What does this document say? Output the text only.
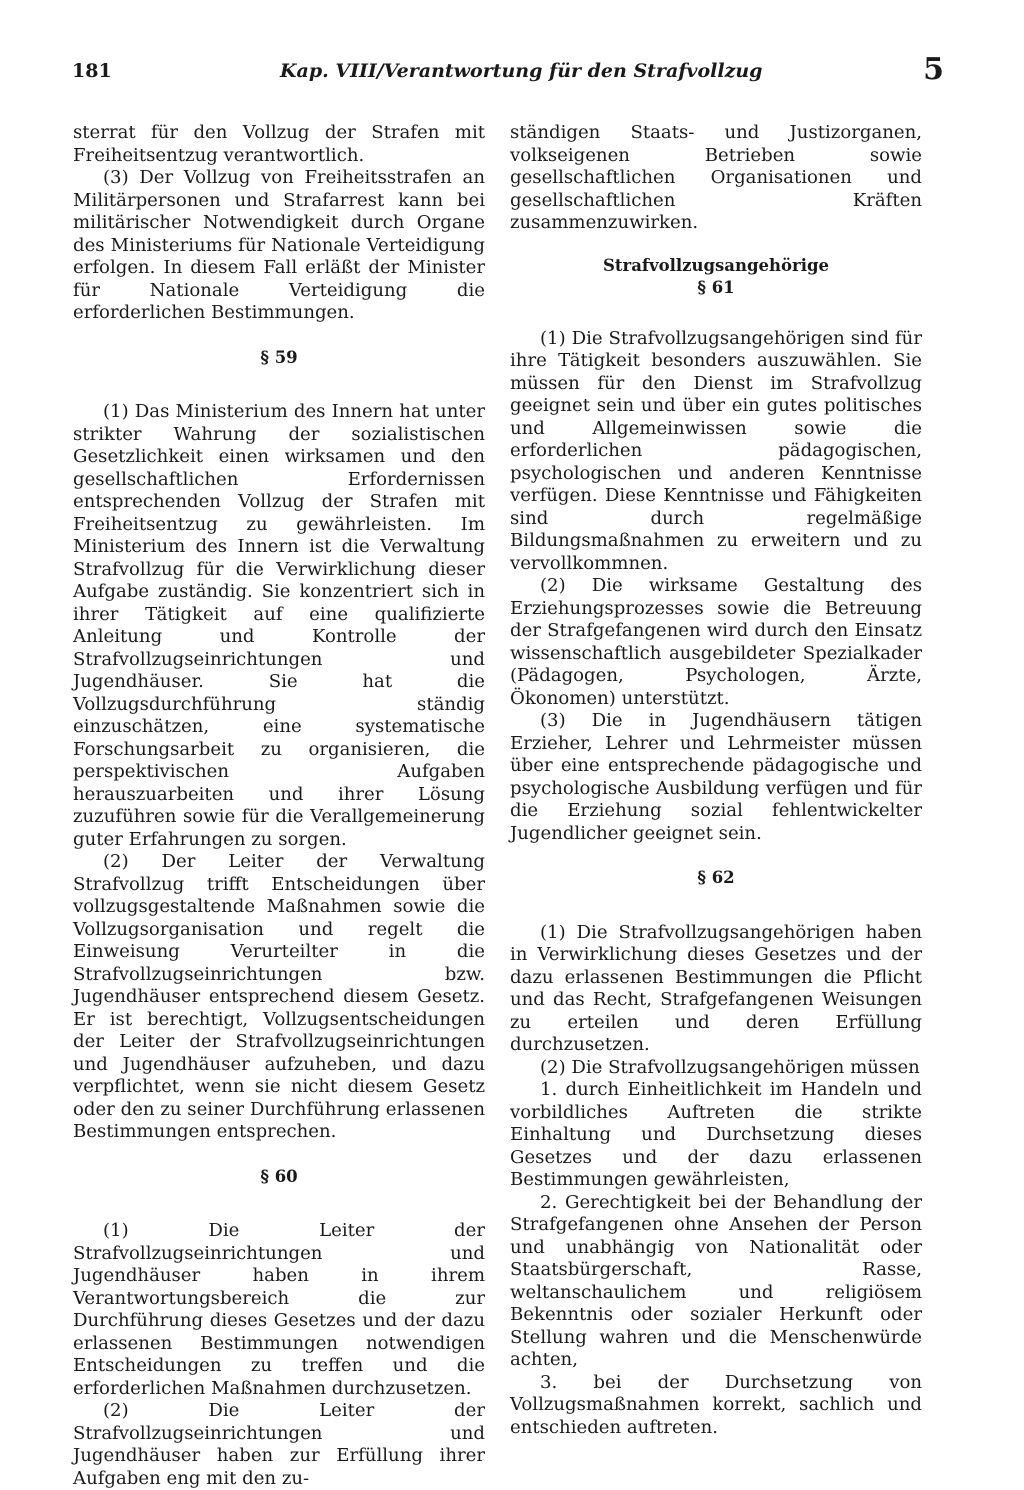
181	Kap. VIII/Verantwortung für den Strafvollzug	5

sterrat für den Vollzug der Strafen mit Freiheitsentzug verantwortlich.

(3) Der Vollzug von Freiheitsstrafen an Militärpersonen und Strafarrest kann bei militärischer Notwendigkeit durch Organe des Ministeriums für Nationale Verteidigung erfolgen. In diesem Fall erläßt der Minister für Nationale Verteidigung die erforderlichen Bestimmungen.

§ 59

(1) Das Ministerium des Innern hat unter strikter Wahrung der sozialistischen Gesetzlichkeit einen wirksamen und den gesellschaftlichen Erfordernissen entsprechenden Vollzug der Strafen mit Freiheitsentzug zu gewährleisten. Im Ministerium des Innern ist die Verwaltung Strafvollzug für die Verwirklichung dieser Aufgabe zuständig. Sie konzentriert sich in ihrer Tätigkeit auf eine qualifizierte Anleitung und Kontrolle der Strafvollzugseinrichtungen und Jugendhäuser. Sie hat die Vollzugsdurchführung ständig einzuschätzen, eine systematische Forschungsarbeit zu organisieren, die perspektivischen Aufgaben herauszuarbeiten und ihrer Lösung zuzuführen sowie für die Verallgemeinerung guter Erfahrungen zu sorgen.

(2) Der Leiter der Verwaltung Strafvollzug trifft Entscheidungen über vollzugsgestaltende Maßnahmen sowie die Vollzugsorganisation und regelt die Einweisung Verurteilter in die Strafvollzugseinrichtungen bzw. Jugendhäuser entsprechend diesem Gesetz. Er ist berechtigt, Vollzugsentscheidungen der Leiter der Strafvollzugseinrichtungen und Jugendhäuser aufzuheben, und dazu verpflichtet, wenn sie nicht diesem Gesetz oder den zu seiner Durchführung erlassenen Bestimmungen entsprechen.

§ 60

(1) Die Leiter der Strafvollzugseinrichtungen und Jugendhäuser haben in ihrem Verantwortungsbereich die zur Durchführung dieses Gesetzes und der dazu erlassenen Bestimmungen notwendigen Entscheidungen zu treffen und die erforderlichen Maßnahmen durchzusetzen.

(2) Die Leiter der Strafvollzugseinrichtungen und Jugendhäuser haben zur Erfüllung ihrer Aufgaben eng mit den zu-

ständigen Staats- und Justizorganen, volkseigenen Betrieben sowie gesellschaftlichen Organisationen und gesellschaftlichen Kräften zusammenzuwirken.

Strafvollzugsangehörige

§ 61

(1) Die Strafvollzugsangehörigen sind für ihre Tätigkeit besonders auszuwählen. Sie müssen für den Dienst im Strafvollzug geeignet sein und über ein gutes politisches und Allgemeinwissen sowie die erforderlichen pädagogischen, psychologischen und anderen Kenntnisse verfügen. Diese Kenntnisse und Fähigkeiten sind durch regelmäßige Bildungsmaßnahmen zu erweitern und zu vervollkommnen.

(2) Die wirksame Gestaltung des Erziehungsprozesses sowie die Betreuung der Strafgefangenen wird durch den Einsatz wissenschaftlich ausgebildeter Spezialkader (Pädagogen, Psychologen, Ärzte, Ökonomen) unterstützt.

(3) Die in Jugendhäusern tätigen Erzieher, Lehrer und Lehrmeister müssen über eine entsprechende pädagogische und psychologische Ausbildung verfügen und für die Erziehung sozial fehlentwickelter Jugendlicher geeignet sein.

§ 62

(1) Die Strafvollzugsangehörigen haben in Verwirklichung dieses Gesetzes und der dazu erlassenen Bestimmungen die Pflicht und das Recht, Strafgefangenen Weisungen zu erteilen und deren Erfüllung durchzusetzen.

(2) Die Strafvollzugsangehörigen müssen

1. durch Einheitlichkeit im Handeln und vorbildliches Auftreten die strikte Einhaltung und Durchsetzung dieses Gesetzes und der dazu erlassenen Bestimmungen gewährleisten,

2. Gerechtigkeit bei der Behandlung der Strafgefangenen ohne Ansehen der Person und unabhängig von Nationalität oder Staatsbürgerschaft, Rasse, weltanschaulichem und religiösem Bekenntnis oder sozialer Herkunft oder Stellung wahren und die Menschenwürde achten,

3. bei der Durchsetzung von Vollzugsmaßnahmen korrekt, sachlich und entschieden auftreten.
